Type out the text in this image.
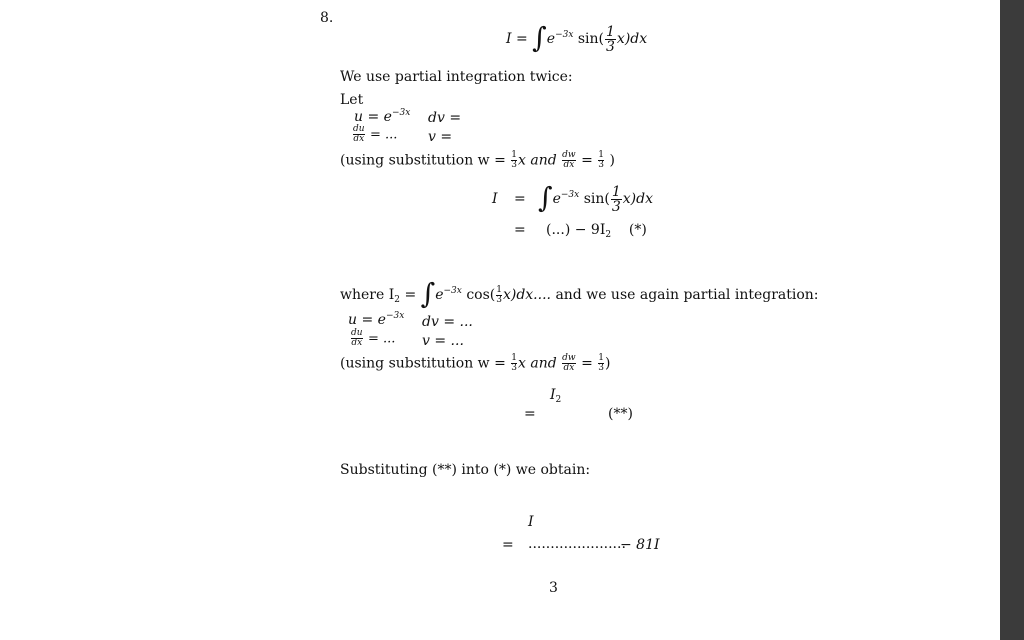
8.
$I = \int e^{-3x}$ $\sin( \frac{1}{3} x)dx$
We use partial integration twice:
Let
$u = e^{-3x}$ dv =
$\frac{du}{dx}$ = ... v =
(using substitution $w = \frac{1}{3}$ x and $\frac{dw}{dx} = \frac{1}{3}$ )
$I = \int e^{-3x}$ $\sin( \frac{1}{3} x)dx$
= (...) − $9I_2$ (*)
where $I_2 = \int e^{-3x}$ $\cos( \frac{1}{3} x)dx$.... and we use again partial integration:
$u = e^{-3x}$ dv = ...
$\frac{du}{dx}$ = ... v = ...
(using substitution $w = \frac{1}{3}$ x and $\frac{dw}{dx} = \frac{1}{3}$ )
$I_2$
=	(**)
Substituting (**) into (*) we obtain:
I
= ......................
− 81I
3
